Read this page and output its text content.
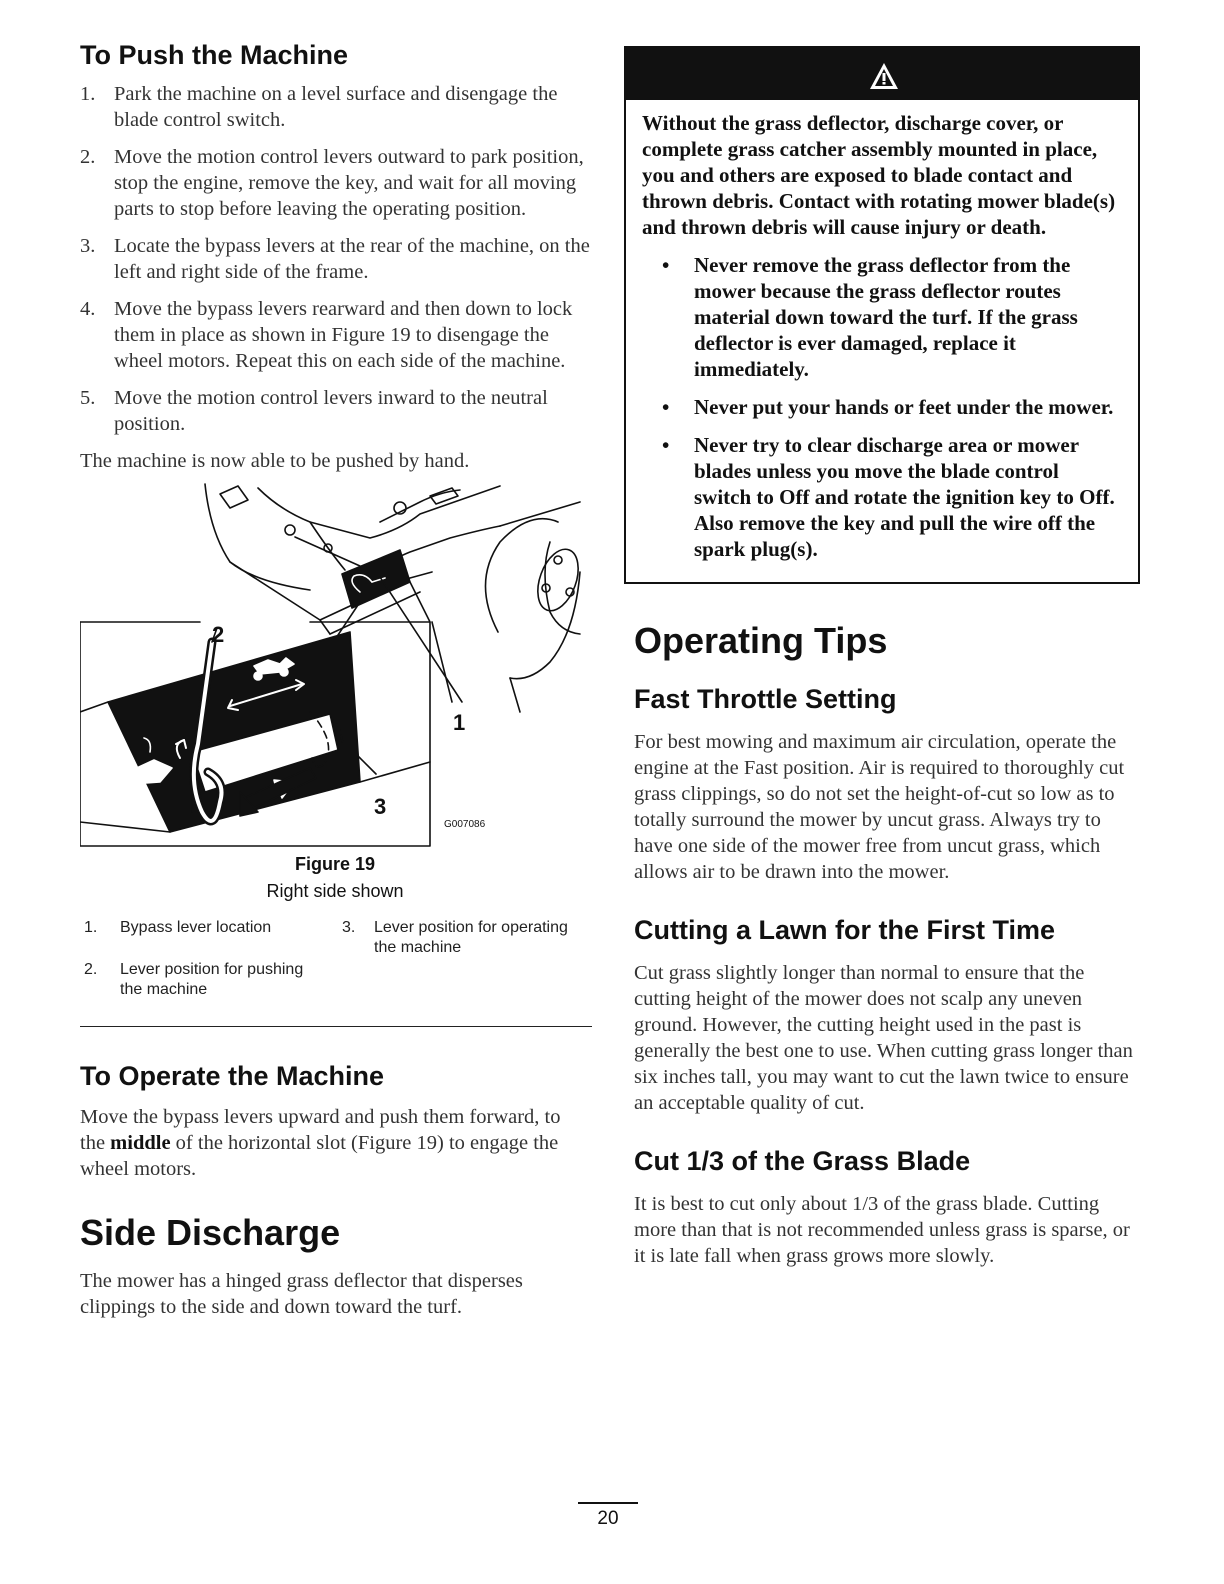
To Push the Machine
1. Park the machine on a level surface and disengage the blade control switch.
2. Move the motion control levers outward to park position, stop the engine, remove the key, and wait for all moving parts to stop before leaving the operating position.
3. Locate the bypass levers at the rear of the machine, on the left and right side of the frame.
4. Move the bypass levers rearward and then down to lock them in place as shown in Figure 19 to disengage the wheel motors. Repeat this on each side of the machine.
5. Move the motion control levers inward to the neutral position.

The machine is now able to be pushed by hand.

2
1
3
G007086
Figure 19
Right side shown
1.	Bypass lever location
2.	Lever position for pushing the machine
3.	Lever position for operating the machine
To Operate the Machine

Move the bypass levers upward and push them forward, to the middle of the horizontal slot (Figure 19) to engage the wheel motors.

Side Discharge

The mower has a hinged grass deflector that disperses clippings to the side and down toward the turf.

Without the grass deflector, discharge cover, or complete grass catcher assembly mounted in place, you and others are exposed to blade contact and thrown debris. Contact with rotating mower blade(s) and thrown debris will cause injury or death.

• Never remove the grass deflector from the mower because the grass deflector routes material down toward the turf. If the grass deflector is ever damaged, replace it immediately.
• Never put your hands or feet under the mower.
• Never try to clear discharge area or mower blades unless you move the blade control switch to Off and rotate the ignition key to Off. Also remove the key and pull the wire off the spark plug(s).
Operating Tips
Fast Throttle Setting

For best mowing and maximum air circulation, operate the engine at the Fast position. Air is required to thoroughly cut grass clippings, so do not set the height-of-cut so low as to totally surround the mower by uncut grass. Always try to have one side of the mower free from uncut grass, which allows air to be drawn into the mower.

Cutting a Lawn for the First Time

Cut grass slightly longer than normal to ensure that the cutting height of the mower does not scalp any uneven ground. However, the cutting height used in the past is generally the best one to use. When cutting grass longer than six inches tall, you may want to cut the lawn twice to ensure an acceptable quality of cut.

Cut 1/3 of the Grass Blade

It is best to cut only about 1/3 of the grass blade. Cutting more than that is not recommended unless grass is sparse, or it is late fall when grass grows more slowly.

20
